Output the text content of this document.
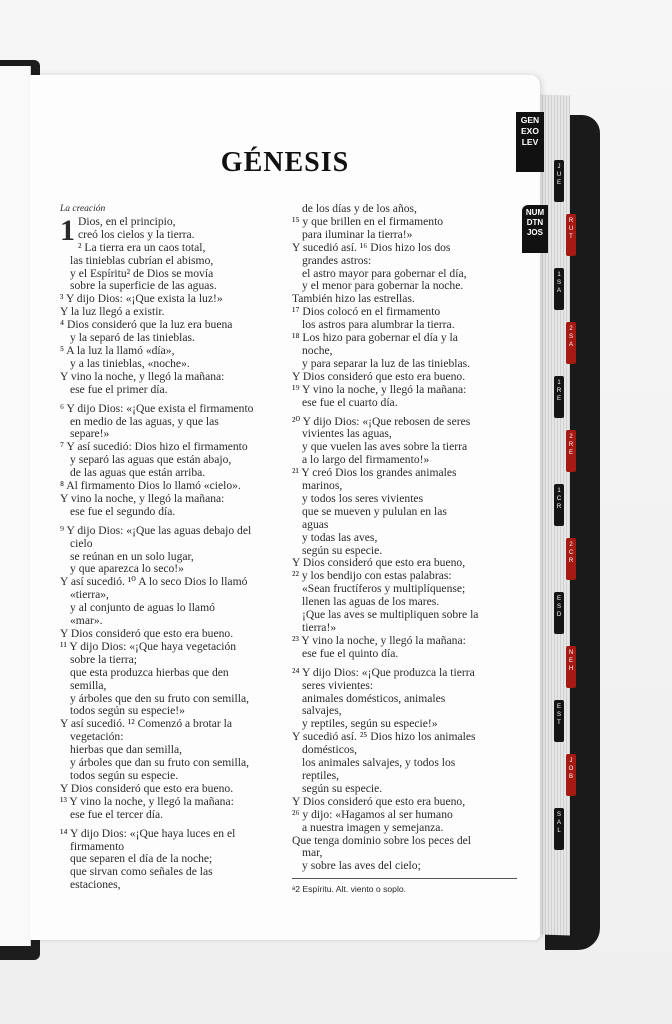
GÉNESIS
La creación
1 Dios, en el principio,
creó los cielos y la tierra.
² La tierra era un caos total,
las tinieblas cubrían el abismo,
y el Espíritu² de Dios se movía
sobre la superficie de las aguas.
³ Y dijo Dios: «¡Que exista la luz!»
Y la luz llegó a existir.
⁴ Dios consideró que la luz era buena
y la separó de las tinieblas.
⁵ A la luz la llamó «día»,
y a las tinieblas, «noche».
Y vino la noche, y llegó la mañana:
ese fue el primer día.
⁶ Y dijo Dios: «¡Que exista el firmamento
en medio de las aguas, y que las
separe!»
⁷ Y así sucedió: Dios hizo el firmamento
y separó las aguas que están abajo,
de las aguas que están arriba.
⁸ Al firmamento Dios lo llamó «cielo».
Y vino la noche, y llegó la mañana:
ese fue el segundo día.
⁹ Y dijo Dios: «¡Que las aguas debajo del
cielo
se reúnan en un solo lugar,
y que aparezca lo seco!»
Y así sucedió. ¹⁰ A lo seco Dios lo llamó
«tierra»,
y al conjunto de aguas lo llamó
«mar».
Y Dios consideró que esto era bueno.
¹¹ Y dijo Dios: «¡Que haya vegetación
sobre la tierra;
que esta produzca hierbas que den
semilla,
y árboles que den su fruto con semilla,
todos según su especie!»
Y así sucedió. ¹² Comenzó a brotar la
vegetación:
hierbas que dan semilla,
y árboles que dan su fruto con semilla,
todos según su especie.
Y Dios consideró que esto era bueno.
¹³ Y vino la noche, y llegó la mañana:
ese fue el tercer día.
¹⁴ Y dijo Dios: «¡Que haya luces en el
firmamento
que separen el día de la noche;
que sirvan como señales de las
estaciones,
de los días y de los años,
¹⁵ y que brillen en el firmamento
para iluminar la tierra!»
Y sucedió así. ¹⁶ Dios hizo los dos
grandes astros:
el astro mayor para gobernar el día,
y el menor para gobernar la noche.
También hizo las estrellas.
¹⁷ Dios colocó en el firmamento
los astros para alumbrar la tierra.
¹⁸ Los hizo para gobernar el día y la
noche,
y para separar la luz de las tinieblas.
Y Dios consideró que esto era bueno.
¹⁹ Y vino la noche, y llegó la mañana:
ese fue el cuarto día.
²⁰ Y dijo Dios: «¡Que rebosen de seres
vivientes las aguas,
y que vuelen las aves sobre la tierra
a lo largo del firmamento!»
²¹ Y creó Dios los grandes animales
marinos,
y todos los seres vivientes
que se mueven y pululan en las
aguas
y todas las aves,
según su especie.
Y Dios consideró que esto era bueno,
²² y los bendijo con estas palabras:
«Sean fructíferos y multiplíquense;
llenen las aguas de los mares.
¡Que las aves se multipliquen sobre la
tierra!»
²³ Y vino la noche, y llegó la mañana:
ese fue el quinto día.
²⁴ Y dijo Dios: «¡Que produzca la tierra
seres vivientes:
animales domésticos, animales
salvajes,
y reptiles, según su especie!»
Y sucedió así. ²⁵ Dios hizo los animales
domésticos,
los animales salvajes, y todos los
reptiles,
según su especie.
Y Dios consideró que esto era bueno,
²⁶ y dijo: «Hagamos al ser humano
a nuestra imagen y semejanza.
Que tenga dominio sobre los peces del
mar,
y sobre las aves del cielo;
ᵃ2 Espíritu. Alt. viento o soplo.
GEN
EXO
LEV
NUM
DTN
JOS
J
U
E
R
U
T
1
S
A
2
S
A
1
R
E
2
R
E
1
C
R
2
C
R
E
S
D
N
E
H
E
S
T
J
O
B
S
A
L
